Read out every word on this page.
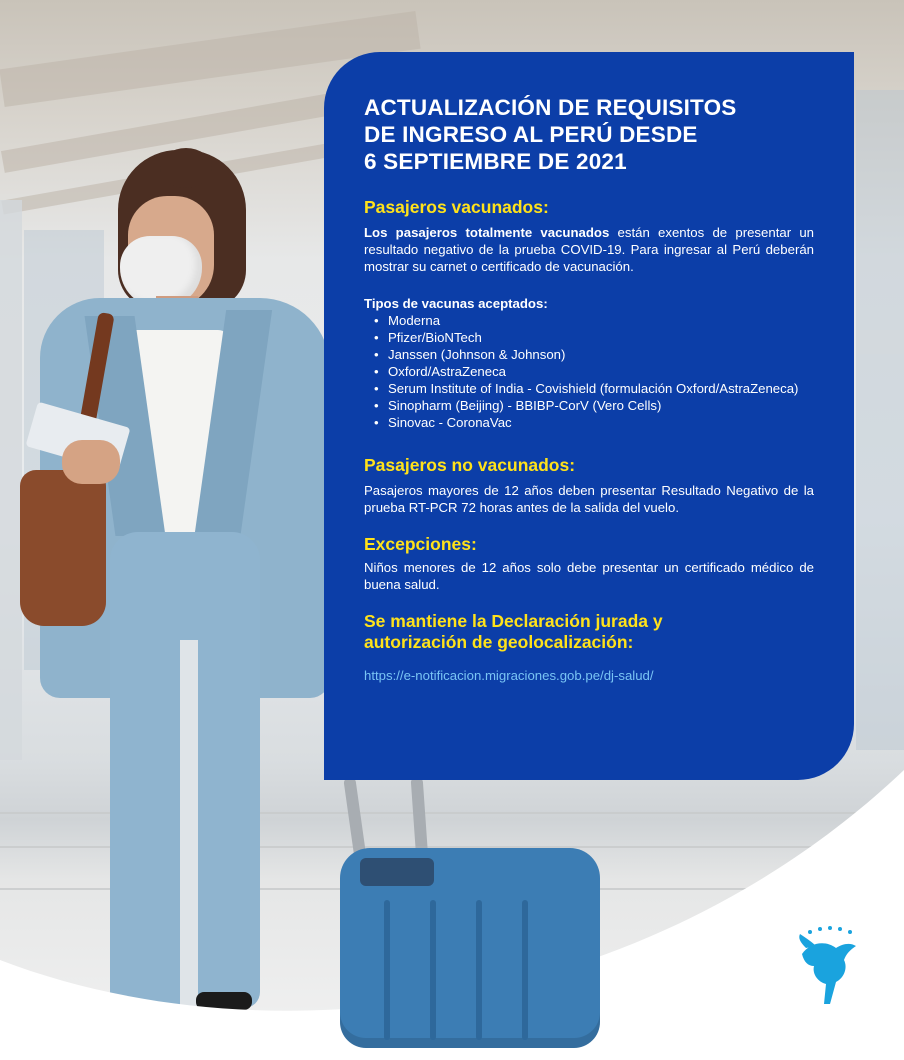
ACTUALIZACIÓN DE REQUISITOS
DE INGRESO AL PERÚ DESDE
6 SEPTIEMBRE DE 2021
Pasajeros vacunados:

Los pasajeros totalmente vacunados están exentos de presentar un resultado negativo de la prueba COVID-19. Para ingresar al Perú deberán mostrar su carnet o certificado de vacunación.

Tipos de vacunas aceptados:

• Moderna
• Pfizer/BioNTech
• Janssen (Johnson & Johnson)
• Oxford/AstraZeneca
• Serum Institute of India - Covishield (formulación Oxford/AstraZeneca)
• Sinopharm (Beijing) - BBIBP-CorV (Vero Cells)
• Sinovac - CoronaVac
Pasajeros no vacunados:

Pasajeros mayores de 12 años deben presentar Resultado Negativo de la prueba RT-PCR 72 horas antes de la salida del vuelo.

Excepciones:

Niños menores de 12 años solo debe presentar un certificado médico de buena salud.

Se mantiene la Declaración jurada y
autorización de geolocalización:

https://e-notificacion.migraciones.gob.pe/dj-salud/
